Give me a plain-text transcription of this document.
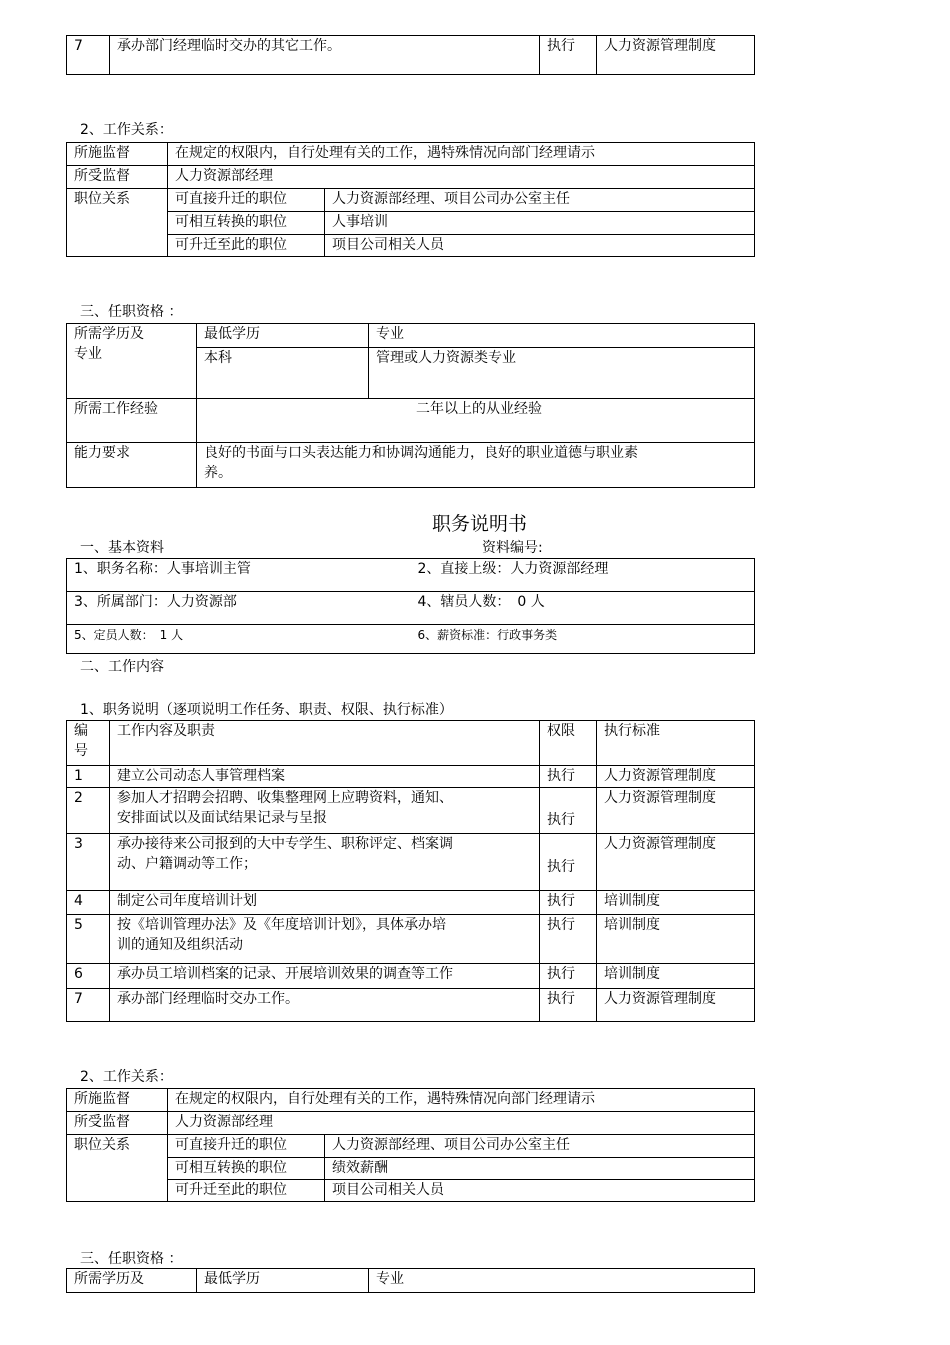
7	承办部门经理临时交办的其它工作。	执行	人力资源管理制度
2、工作关系：
所施监督	在规定的权限内，自行处理有关的工作，遇特殊情况向部门经理请示	
所受监督	人力资源部经理	
职位关系	可直接升迁的职位	人力资源部经理、项目公司办公室主任
	可相互转换的职位	人事培训
	可升迁至此的职位	项目公司相关人员
三、任职资格 ：
所需学历及
专业	最低学历	专业
	本科	管理或人力资源类专业
所需工作经验	二年以上的从业经验	
能力要求	良好的书面与口头表达能力和协调沟通能力，良好的职业道德与职业素
养。	
职务说明书
一、基本资料	资料编号:
1、职务名称：人事培训主管	2、直接上级：人力资源部经理
3、所属部门：人力资源部	4、辖员人数：　0 人
5、定员人数：　1 人	6、薪资标准：行政事务类
二、工作内容
1、职务说明（逐项说明工作任务、职责、权限、执行标准）
编
号	工作内容及职责	权限	执行标准
1	建立公司动态人事管理档案	执行	人力资源管理制度
2	参加人才招聘会招聘、收集整理网上应聘资料，通知、
安排面试以及面试结果记录与呈报	执行	人力资源管理制度
3	承办接待来公司报到的大中专学生、职称评定、档案调
动、户籍调动等工作；	执行	人力资源管理制度
4	制定公司年度培训计划	执行	培训制度
5	按《培训管理办法》及《年度培训计划》，具体承办培
训的通知及组织活动	执行	培训制度
6	承办员工培训档案的记录、开展培训效果的调查等工作	执行	培训制度
7	承办部门经理临时交办工作。	执行	人力资源管理制度
2、工作关系：
所施监督	在规定的权限内，自行处理有关的工作，遇特殊情况向部门经理请示	
所受监督	人力资源部经理	
职位关系	可直接升迁的职位	人力资源部经理、项目公司办公室主任
	可相互转换的职位	绩效薪酬
	可升迁至此的职位	项目公司相关人员
三、任职资格 ：
所需学历及	最低学历	专业
